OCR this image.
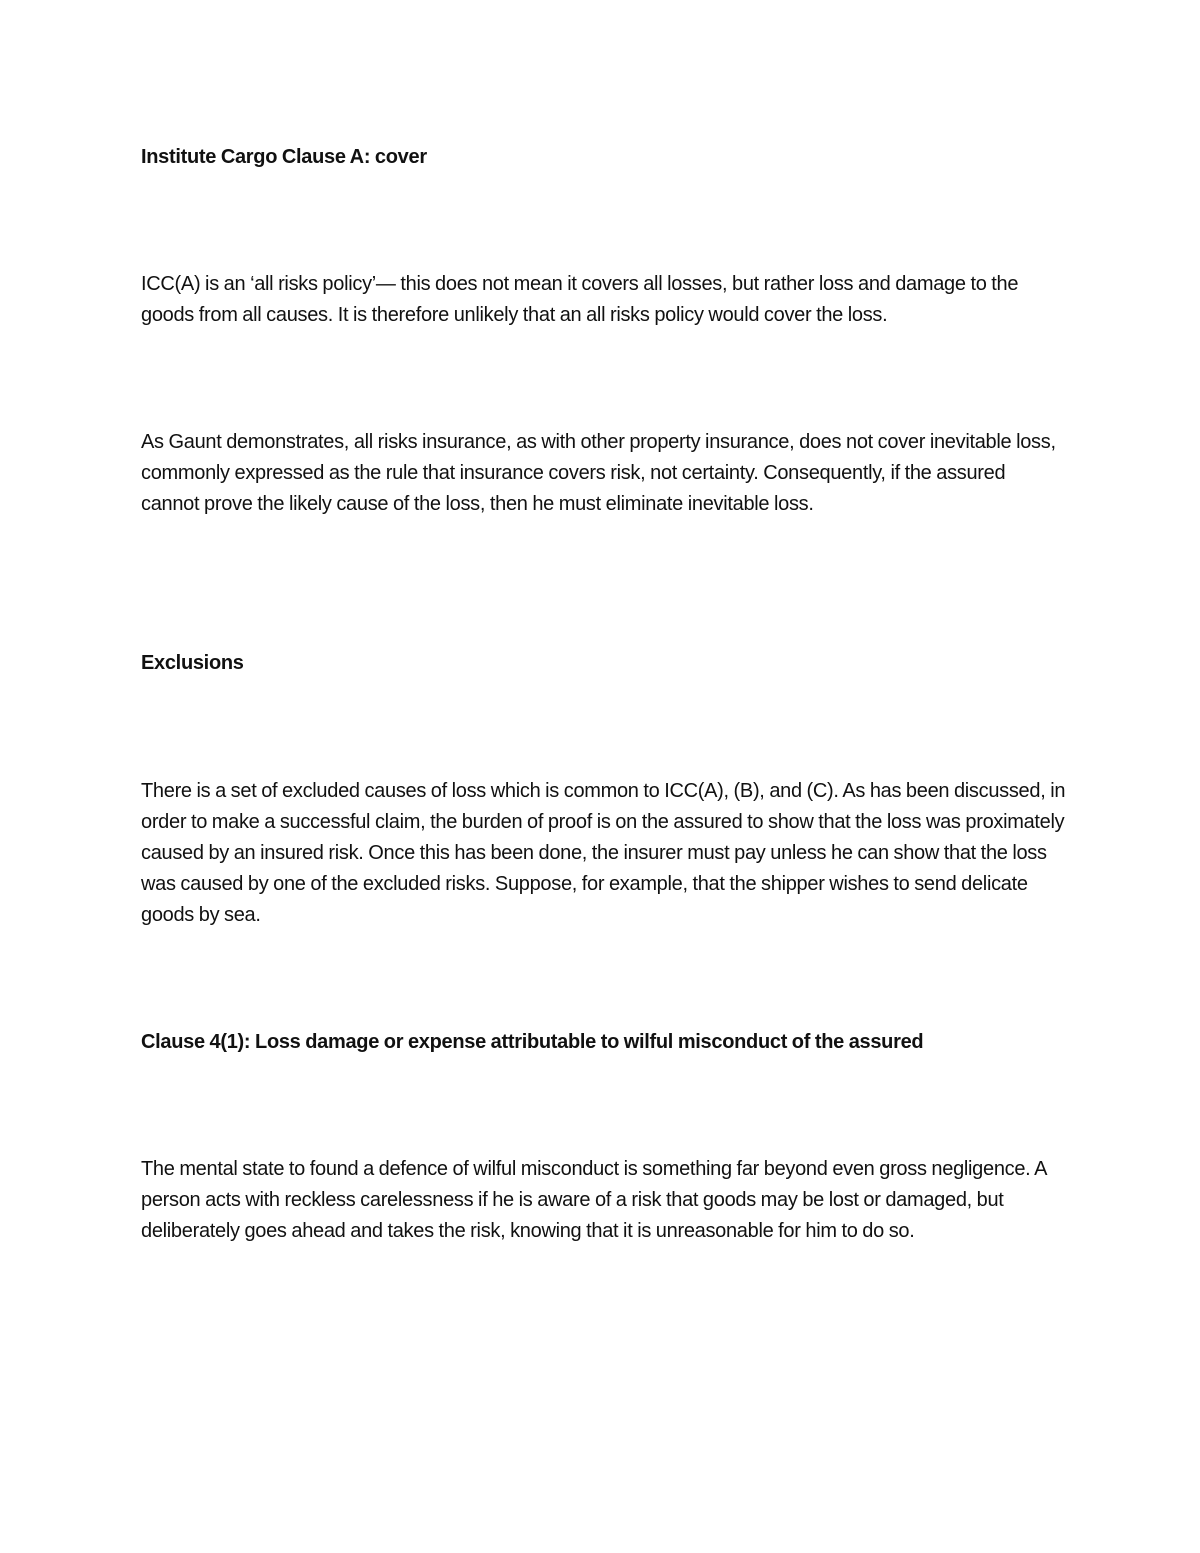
Institute Cargo Clause A: cover

ICC(A) is an ‘all risks policy’— this does not mean it covers all losses, but rather loss and damage to the goods from all causes. It is therefore unlikely that an all risks policy would cover the loss.

As Gaunt demonstrates, all risks insurance, as with other property insurance, does not cover inevitable loss, commonly expressed as the rule that insurance covers risk, not certainty. Consequently, if the assured cannot prove the likely cause of the loss, then he must eliminate inevitable loss.

Exclusions

There is a set of excluded causes of loss which is common to ICC(A), (B), and (C). As has been discussed, in order to make a successful claim, the burden of proof is on the assured to show that the loss was proximately caused by an insured risk. Once this has been done, the insurer must pay unless he can show that the loss was caused by one of the excluded risks. Suppose, for example, that the shipper wishes to send delicate goods by sea.

Clause 4(1): Loss damage or expense attributable to wilful misconduct of the assured

The mental state to found a defence of wilful misconduct is something far beyond even gross negligence. A person acts with reckless carelessness if he is aware of a risk that goods may be lost or damaged, but deliberately goes ahead and takes the risk, knowing that it is unreasonable for him to do so.
